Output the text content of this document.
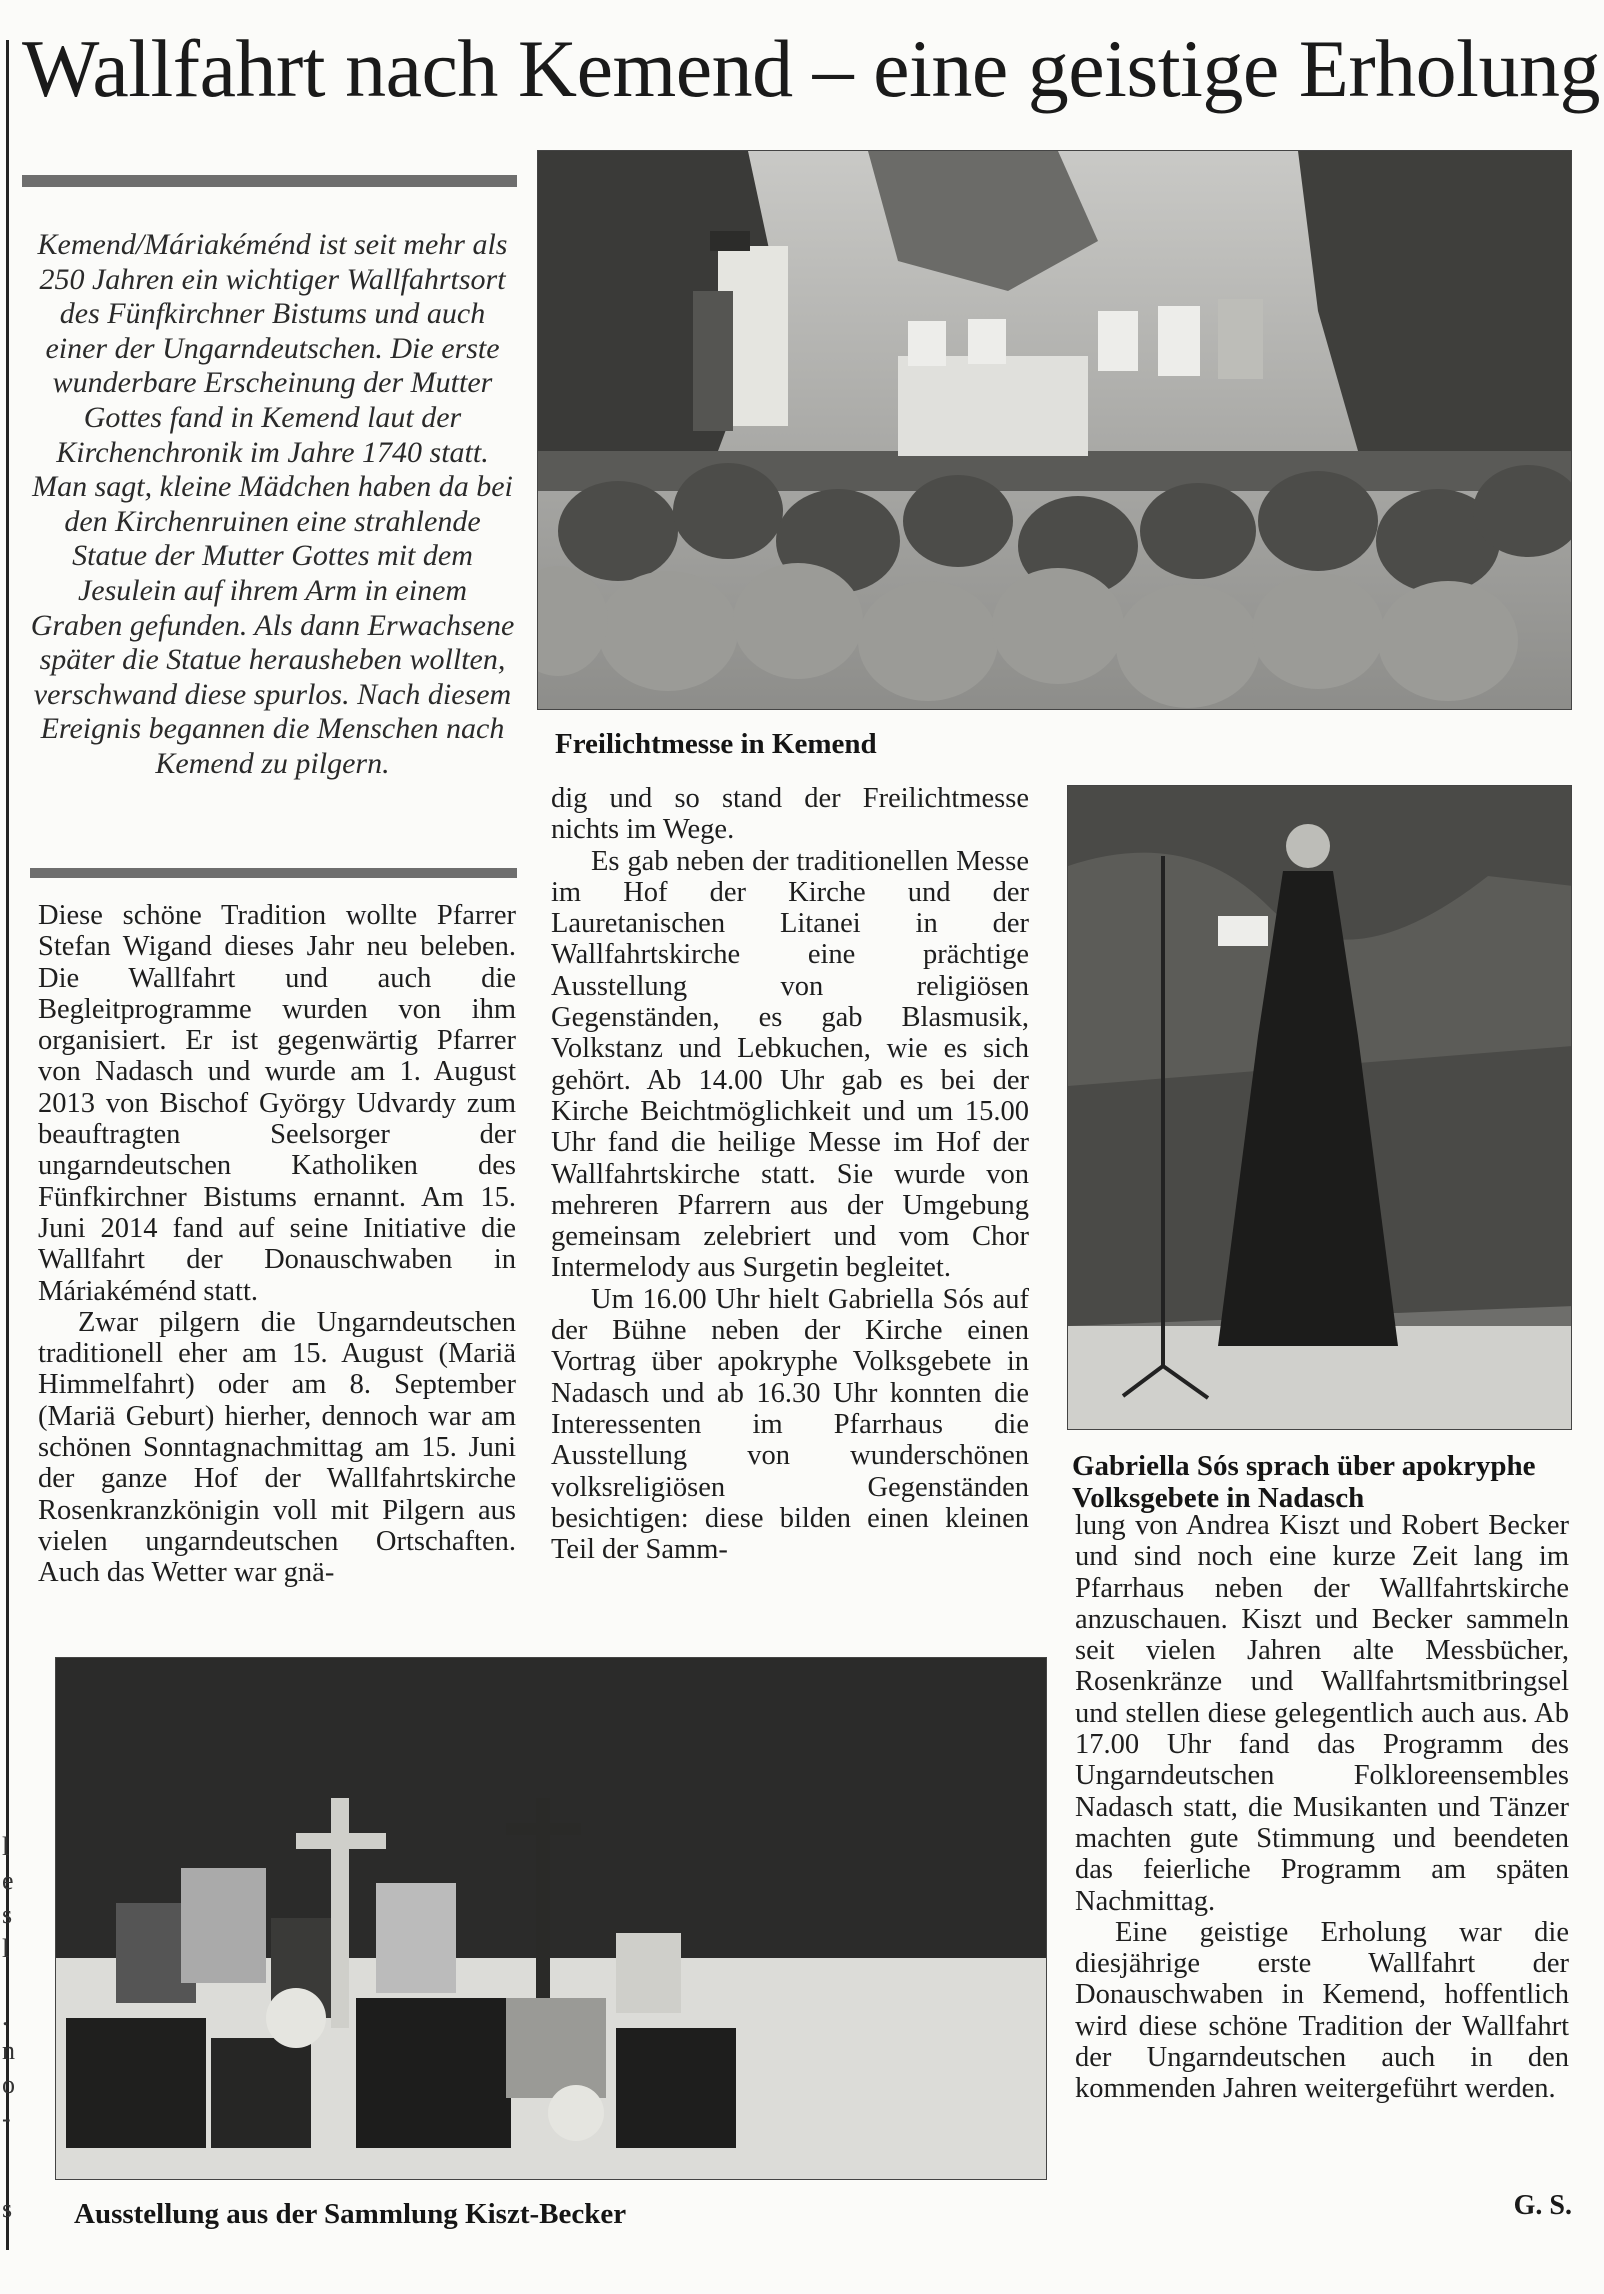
l
e
s
l
.
n
o
-
s
Wallfahrt nach Kemend – eine geistige Erholung
Kemend/Máriakéménd ist seit mehr als 250 Jahren ein wichtiger Wallfahrtsort des Fünfkirchner Bistums und auch einer der Ungarndeutschen. Die erste wunderbare Erscheinung der Mutter Gottes fand in Kemend laut der Kirchenchronik im Jahre 1740 statt. Man sagt, kleine Mädchen haben da bei den Kirchenruinen eine strahlende Statue der Mutter Gottes mit dem Jesulein auf ihrem Arm in einem Graben gefunden. Als dann Erwachsene später die Statue herausheben wollten, verschwand diese spurlos. Nach diesem Ereignis begannen die Menschen nach Kemend zu pilgern.

Diese schöne Tradition wollte Pfarrer Stefan Wigand dieses Jahr neu beleben. Die Wallfahrt und auch die Begleitprogramme wurden von ihm organisiert. Er ist gegenwärtig Pfarrer von Nadasch und wurde am 1. August 2013 von Bischof György Udvardy zum beauftragten Seelsorger der ungarndeutschen Katholiken des Fünfkirchner Bistums ernannt. Am 15. Juni 2014 fand auf seine Initiative die Wallfahrt der Donauschwaben in Máriakéménd statt.

Zwar pilgern die Ungarndeutschen traditionell eher am 15. August (Mariä Himmelfahrt) oder am 8. September (Mariä Geburt) hierher, dennoch war am schönen Sonntagnachmittag am 15. Juni der ganze Hof der Wallfahrtskirche Rosenkranzkönigin voll mit Pilgern aus vielen ungarndeutschen Ortschaften. Auch das Wetter war gnä-

Freilichtmesse in Kemend

dig und so stand der Freilichtmesse nichts im Wege.

Es gab neben der traditionellen Messe im Hof der Kirche und der Lauretanischen Litanei in der Wallfahrtskirche eine prächtige Ausstellung von religiösen Gegenständen, es gab Blasmusik, Volkstanz und Lebkuchen, wie es sich gehört. Ab 14.00 Uhr gab es bei der Kirche Beichtmöglichkeit und um 15.00 Uhr fand die heilige Messe im Hof der Wallfahrtskirche statt. Sie wurde von mehreren Pfarrern aus der Umgebung gemeinsam zelebriert und vom Chor Intermelody aus Surgetin begleitet.

Um 16.00 Uhr hielt Gabriella Sós auf der Bühne neben der Kirche einen Vortrag über apokryphe Volksgebete in Nadasch und ab 16.30 Uhr konnten die Interessenten im Pfarrhaus die Ausstellung von wunderschönen volksreligiösen Gegenständen besichtigen: diese bilden einen kleinen Teil der Samm-

Gabriella Sós sprach über apokryphe Volksgebete in Nadasch

lung von Andrea Kiszt und Robert Becker und sind noch eine kurze Zeit lang im Pfarrhaus neben der Wallfahrtskirche anzuschauen. Kiszt und Becker sammeln seit vielen Jahren alte Messbücher, Rosenkränze und Wallfahrtsmitbringsel und stellen diese gelegentlich auch aus. Ab 17.00 Uhr fand das Programm des Ungarndeutschen Folkloreensembles Nadasch statt, die Musikanten und Tänzer machten gute Stimmung und beendeten das feierliche Programm am späten Nachmittag.

Eine geistige Erholung war die diesjährige erste Wallfahrt der Donauschwaben in Kemend, hoffentlich wird diese schöne Tradition der Wallfahrt der Ungarndeutschen auch in den kommenden Jahren weitergeführt werden.

Ausstellung aus der Sammlung Kiszt-Becker	G. S.
